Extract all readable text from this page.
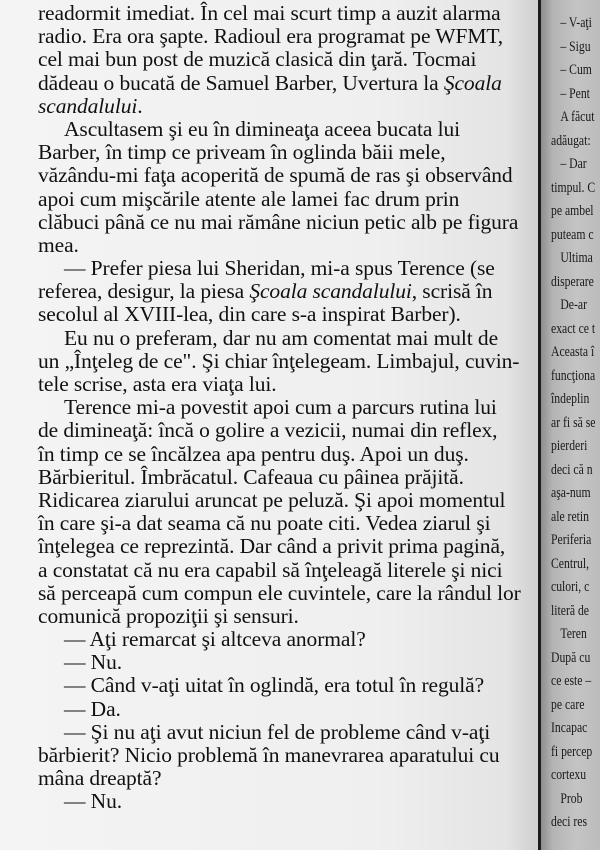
readormit imediat. În cel mai scurt timp a auzit alarma
radio. Era ora şapte. Radioul era programat pe WFMT,
cel mai bun post de muzică clasică din ţară. Tocmai
dădeau o bucată de Samuel Barber, Uvertura la Şcoala
scandalului.
Ascultasem şi eu în dimineaţa aceea bucata lui
Barber, în timp ce priveam în oglinda băii mele,
văzându-mi faţa acoperită de spumă de ras şi observând
apoi cum mişcările atente ale lamei fac drum prin
clăbuci până ce nu mai rămâne niciun petic alb pe figura
mea.
— Prefer piesa lui Sheridan, mi-a spus Terence (se
referea, desigur, la piesa Şcoala scandalului, scrisă în
secolul al XVIII-lea, din care s-a inspirat Barber).
Eu nu o preferam, dar nu am comentat mai mult de
un „Înţeleg de ce". Şi chiar înţelegeam. Limbajul, cuvin-
tele scrise, asta era viaţa lui.
Terence mi-a povestit apoi cum a parcurs rutina lui
de dimineaţă: încă o golire a vezicii, numai din reflex,
în timp ce se încălzea apa pentru duş. Apoi un duş.
Bărbieritul. Îmbrăcatul. Cafeaua cu pâinea prăjită.
Ridicarea ziarului aruncat pe peluză. Şi apoi momentul
în care şi-a dat seama că nu poate citi. Vedea ziarul şi
înţelegea ce reprezintă. Dar când a privit prima pagină,
a constatat că nu era capabil să înţeleagă literele şi nici
să perceapă cum compun ele cuvintele, care la rândul lor
comunică propoziţii şi sensuri.
— Aţi remarcat şi altceva anormal?
— Nu.
— Când v-aţi uitat în oglindă, era totul în regulă?
— Da.
— Şi nu aţi avut niciun fel de probleme când v-aţi
bărbierit? Nicio problemă în manevrarea aparatului cu
mâna dreaptă?
— Nu.
– V-aţi
– Sigu
– Cum
– Pent
A făcut
adăugat:
– Dar
timpul. C
pe ambel
puteam c
Ultima
disperare
De-ar
exact ce t
Aceasta î
funcţiona
îndeplin
ar fi să se
pierderi
deci că n
aşa-num
ale retin
Periferia
Centrul,
culori, c
literă de
Teren
După cu
ce este –
pe care
Incapac
fi percep
cortexu
Prob
deci res
